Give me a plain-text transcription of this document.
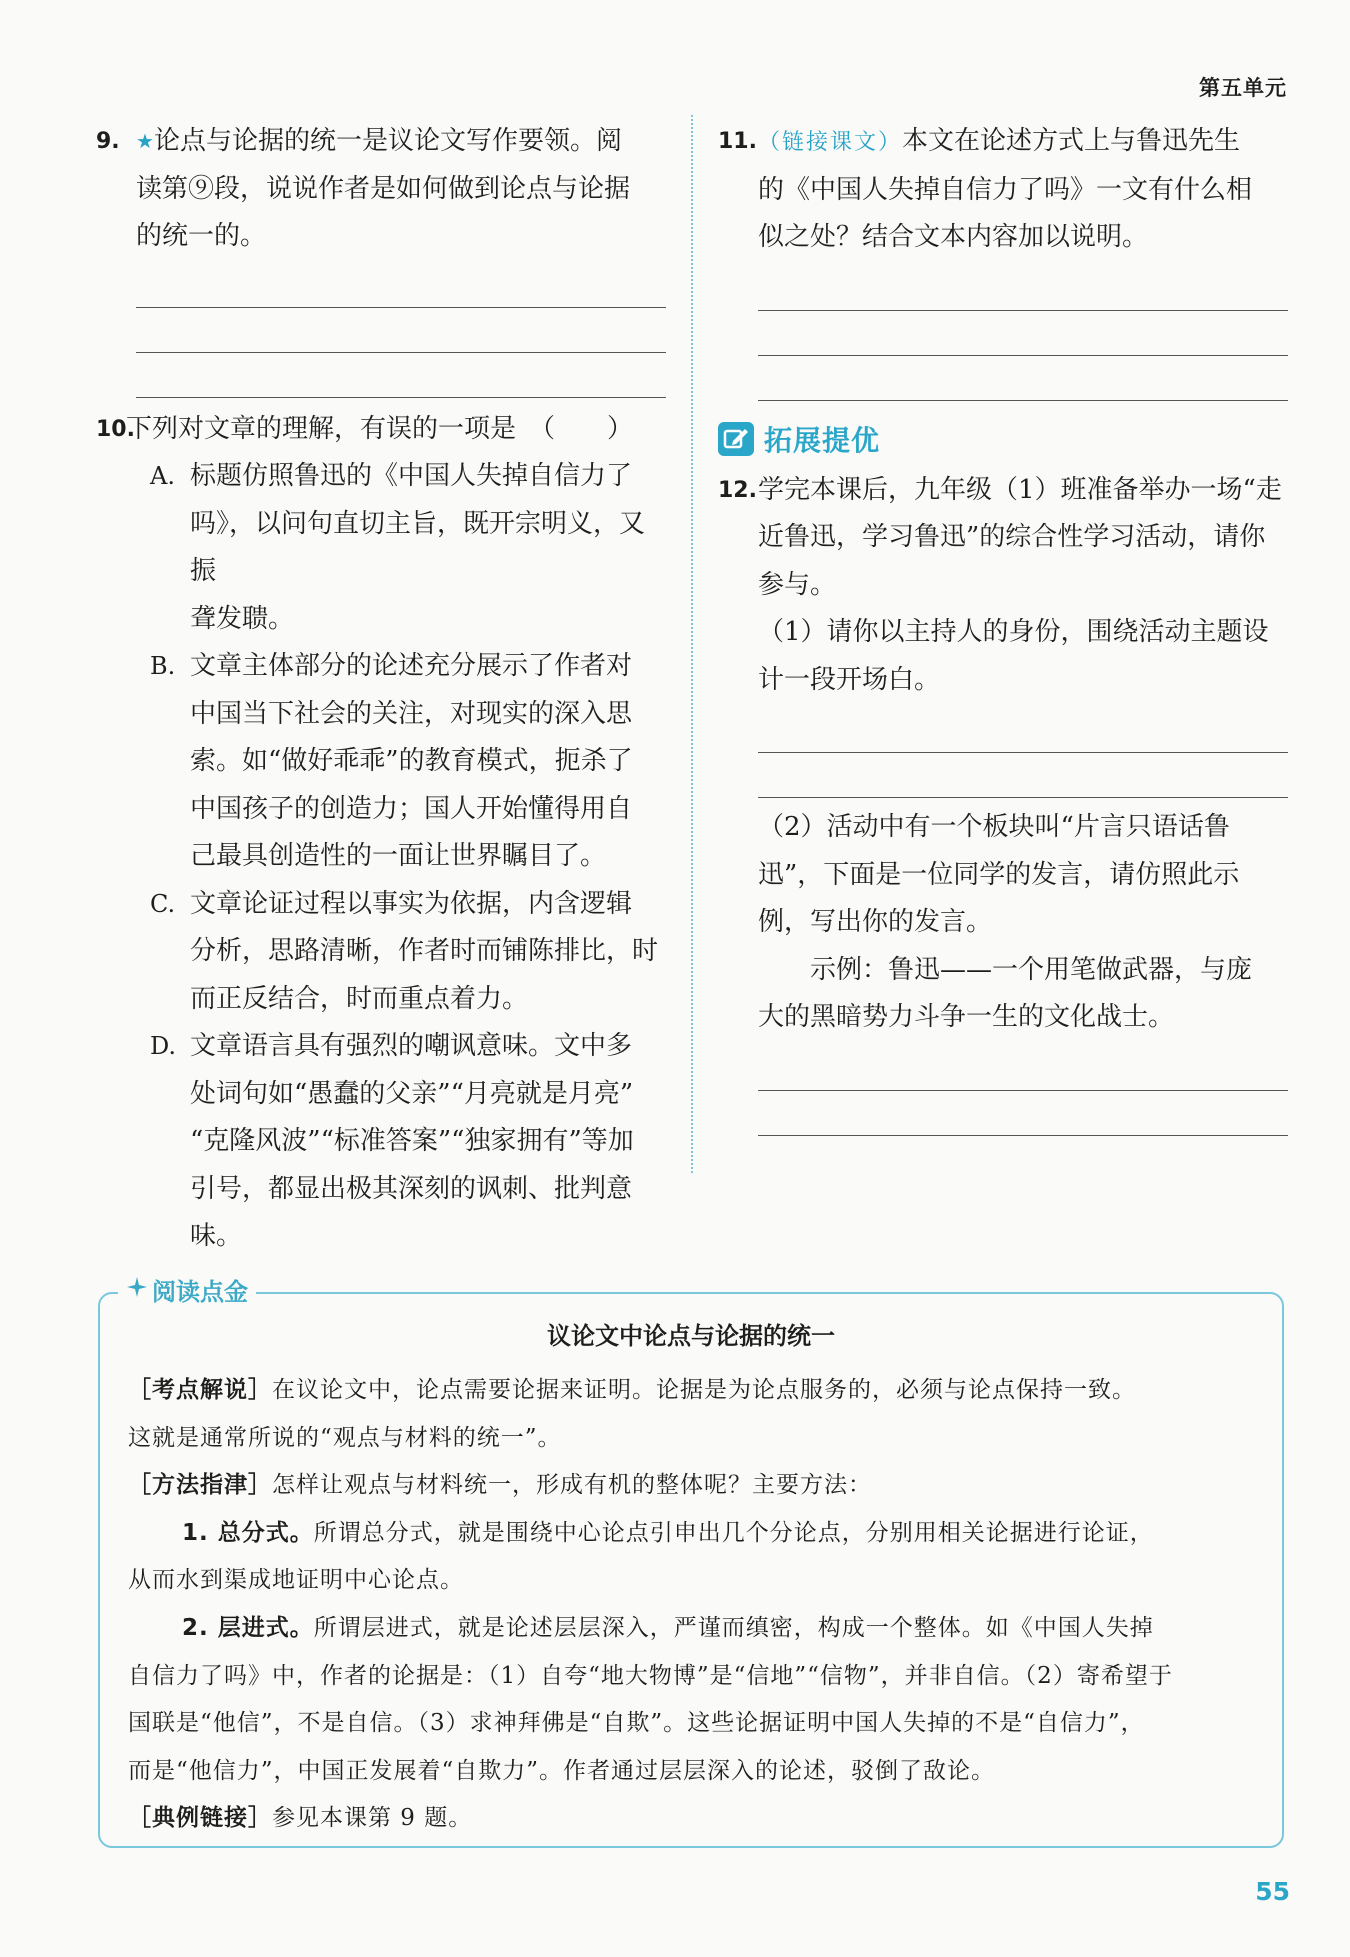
第五单元
9. ★论点与论据的统一是议论文写作要领。阅
读第⑨段，说说作者是如何做到论点与论据
的统一的。
10.
下列对文章的理解，有误的一项是　（　　）
A. 标题仿照鲁迅的《中国人失掉自信力了
吗》，以问句直切主旨，既开宗明义，又振
聋发聩。
B. 文章主体部分的论述充分展示了作者对
中国当下社会的关注，对现实的深入思
索。如“做好乖乖”的教育模式，扼杀了
中国孩子的创造力；国人开始懂得用自
己最具创造性的一面让世界瞩目了。
C. 文章论证过程以事实为依据，内含逻辑
分析，思路清晰，作者时而铺陈排比，时
而正反结合，时而重点着力。
D. 文章语言具有强烈的嘲讽意味。文中多
处词句如“愚蠢的父亲”“月亮就是月亮”
“克隆风波”“标准答案”“独家拥有”等加
引号，都显出极其深刻的讽刺、批判意味。
11. （链接课文）本文在论述方式上与鲁迅先生
的《中国人失掉自信力了吗》一文有什么相
似之处？结合文本内容加以说明。
拓展提优
12. 学完本课后，九年级（1）班准备举办一场“走
近鲁迅，学习鲁迅”的综合性学习活动，请你
参与。
（1）请你以主持人的身份，围绕活动主题设
计一段开场白。
（2）活动中有一个板块叫“片言只语话鲁
迅”，下面是一位同学的发言，请仿照此示
例，写出你的发言。
示例：鲁迅——一个用笔做武器，与庞
大的黑暗势力斗争一生的文化战士。
阅读点金
议论文中论点与论据的统一
［考点解说］在议论文中，论点需要论据来证明。论据是为论点服务的，必须与论点保持一致。
这就是通常所说的“观点与材料的统一”。
［方法指津］怎样让观点与材料统一，形成有机的整体呢？主要方法：
1. 总分式。所谓总分式，就是围绕中心论点引申出几个分论点，分别用相关论据进行论证，
从而水到渠成地证明中心论点。
2. 层进式。所谓层进式，就是论述层层深入，严谨而缜密，构成一个整体。如《中国人失掉
自信力了吗》中，作者的论据是：（1）自夸“地大物博”是“信地”“信物”，并非自信。（2）寄希望于
国联是“他信”，不是自信。（3）求神拜佛是“自欺”。这些论据证明中国人失掉的不是“自信力”，
而是“他信力”，中国正发展着“自欺力”。作者通过层层深入的论述，驳倒了敌论。
［典例链接］参见本课第 9 题。
55
